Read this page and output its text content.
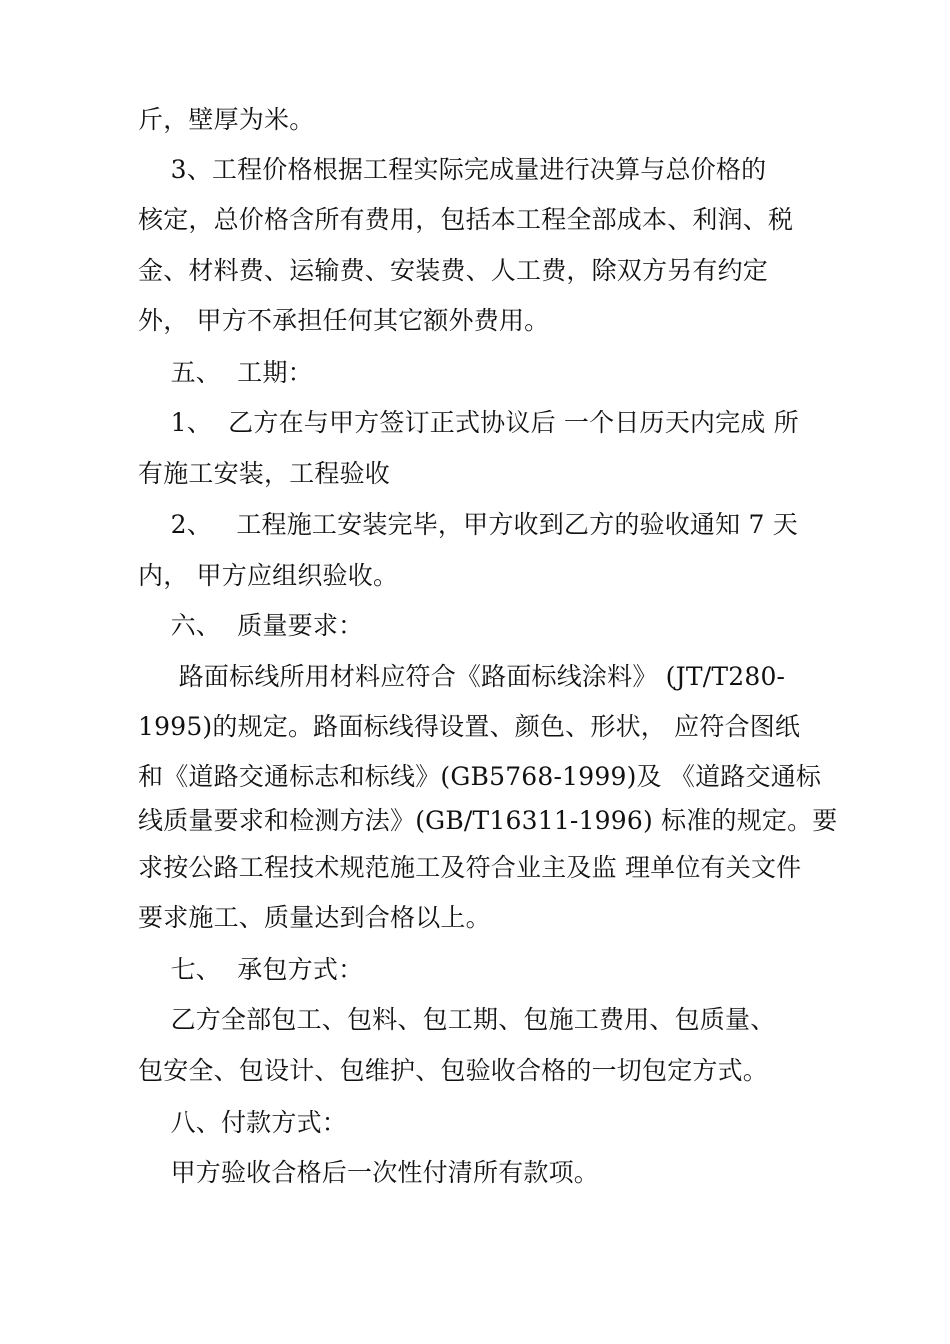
斤，壁厚为米。
3、工程价格根据工程实际完成量进行决算与总价格的
核定，总价格含所有费用，包括本工程全部成本、利润、税
金、材料费、运输费、安装费、人工费，除双方另有约定
外， 甲方不承担任何其它额外费用。
五、  工期：
1、  乙方在与甲方签订正式协议后 一个日历天内完成 所
有施工安装，工程验收
2、   工程施工安装完毕，甲方收到乙方的验收通知 7 天
内， 甲方应组织验收。
六、  质量要求：
路面标线所用材料应符合《路面标线涂料》 (JT/T280-
1995)的规定。路面标线得设置、颜色、形状， 应符合图纸
和《道路交通标志和标线》(GB5768-1999)及 《道路交通标
线质量要求和检测方法》(GB/T16311-1996) 标准的规定。要
求按公路工程技术规范施工及符合业主及监 理单位有关文件
要求施工、质量达到合格以上。
七、  承包方式：
乙方全部包工、包料、包工期、包施工费用、包质量、
包安全、包设计、包维护、包验收合格的一切包定方式。
八、付款方式：
甲方验收合格后一次性付清所有款项。
